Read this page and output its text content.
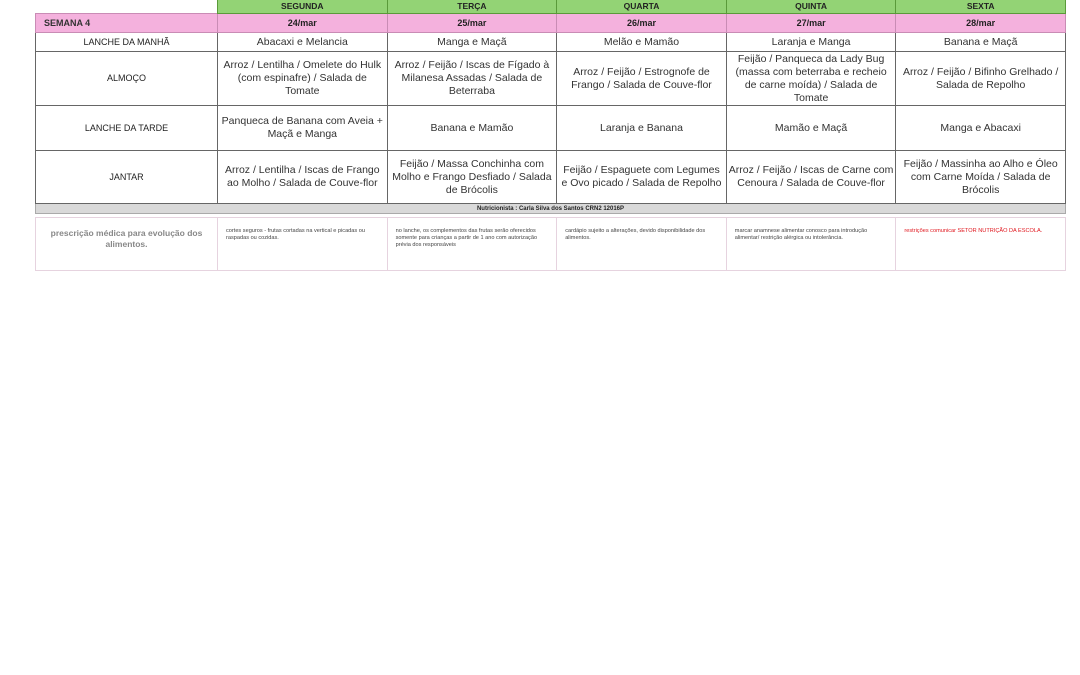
	SEGUNDA	TERÇA	QUARTA	QUINTA	SEXTA
SEMANA 4	24/mar	25/mar	26/mar	27/mar	28/mar
LANCHE DA MANHÃ	Abacaxi e Melancia	Manga e Maçã	Melão e Mamão	Laranja e Manga	Banana e Maçã
ALMOÇO	Arroz / Lentilha / Omelete do Hulk (com espinafre) / Salada de Tomate	Arroz / Feijão / Iscas de Fígado à Milanesa Assadas / Salada de Beterraba	Arroz / Feijão / Estrognofe de Frango / Salada de Couve-flor	Feijão / Panqueca da Lady Bug (massa com beterraba e recheio de carne moída) / Salada de Tomate	Arroz / Feijão / Bifinho Grelhado / Salada de Repolho
LANCHE DA TARDE	Panqueca de Banana com Aveia + Maçã e Manga	Banana e Mamão	Laranja e Banana	Mamão e Maçã	Manga e Abacaxi
JANTAR	Arroz / Lentilha / Iscas de Frango ao Molho / Salada de Couve-flor	Feijão / Massa Conchinha com Molho e Frango Desfiado / Salada de Brócolis	Feijão / Espaguete com Legumes e Ovo picado / Salada de Repolho	Arroz / Feijão / Iscas de Carne com Cenoura / Salada de Couve-flor	Feijão / Massinha ao Alho e Óleo com Carne Moída / Salada de Brócolis
Nutricionista : Carla Silva dos Santos CRN2 12016P					

prescrição médica para evolução dos alimentos.	cortes seguros - frutas cortadas na vertical e picadas ou raspadas ou cozidas.	no lanche, os complementos das frutas serão oferecidos somente para crianças a partir de 1 ano com autorização prévia dos responsáveis	cardápio sujeito a alterações, devido disponibilidade dos alimentos.	marcar anamnese alimentar conosco para introdução alimentar/ restrição alérgica ou intolerância.	restrições comunicar SETOR NUTRIÇÃO DA ESCOLA.
